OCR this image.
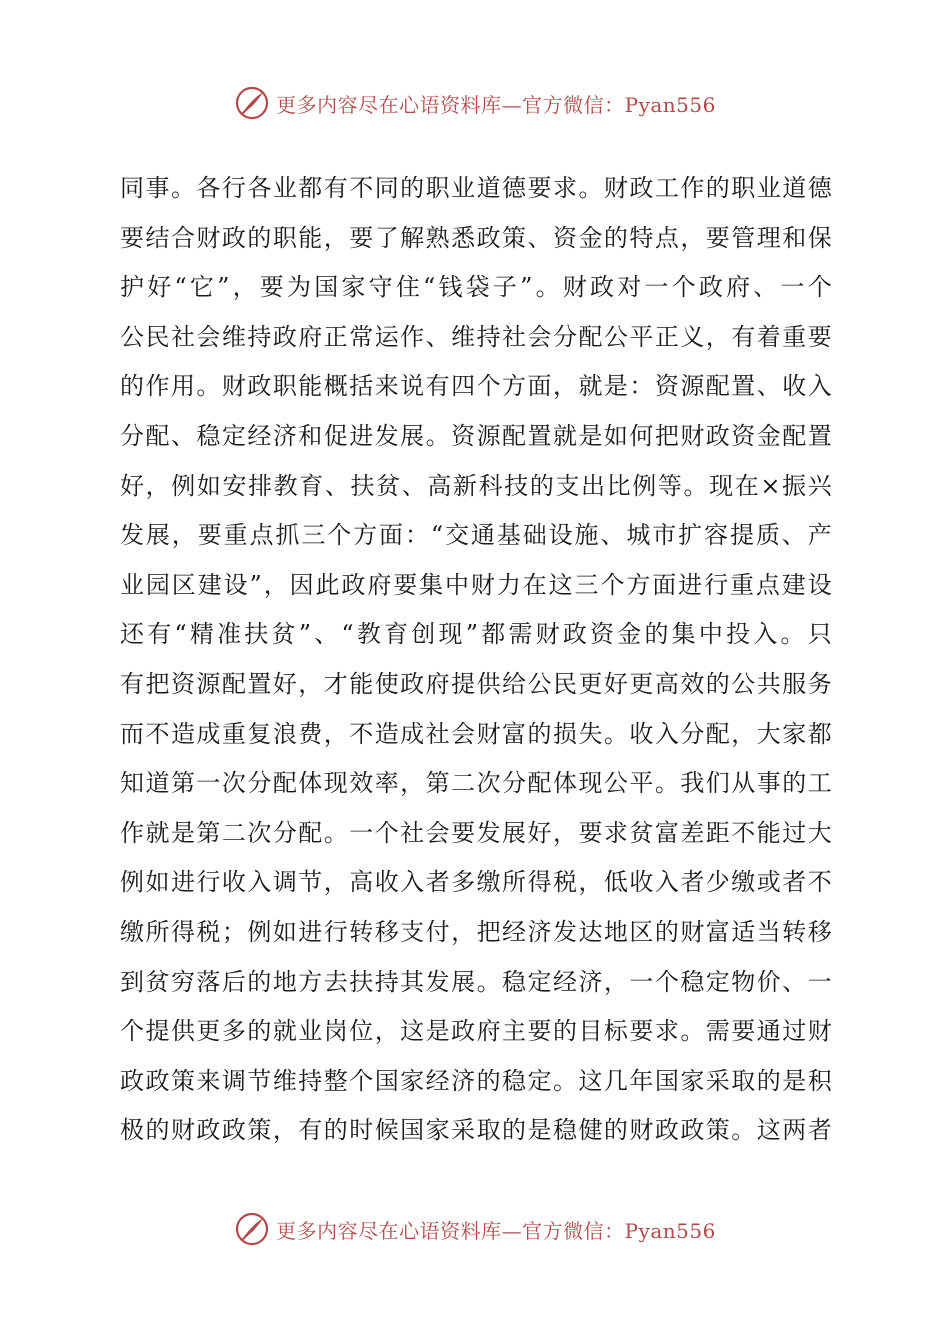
更多内容尽在心语资料库—官方微信：Pyan556
同事。各行各业都有不同的职业道德要求。财政工作的职业道德
要结合财政的职能，要了解熟悉政策、资金的特点，要管理和保
护好“它”，要为国家守住“钱袋子”。财政对一个政府、一个
公民社会维持政府正常运作、维持社会分配公平正义，有着重要
的作用。财政职能概括来说有四个方面，就是：资源配置、收入
分配、稳定经济和促进发展。资源配置就是如何把财政资金配置
好，例如安排教育、扶贫、高新科技的支出比例等。现在×振兴
发展，要重点抓三个方面：“交通基础设施、城市扩容提质、产
业园区建设”，因此政府要集中财力在这三个方面进行重点建设
还有“精准扶贫”、“教育创现”都需财政资金的集中投入。只
有把资源配置好，才能使政府提供给公民更好更高效的公共服务
而不造成重复浪费，不造成社会财富的损失。收入分配，大家都
知道第一次分配体现效率，第二次分配体现公平。我们从事的工
作就是第二次分配。一个社会要发展好，要求贫富差距不能过大
例如进行收入调节，高收入者多缴所得税，低收入者少缴或者不
缴所得税；例如进行转移支付，把经济发达地区的财富适当转移
到贫穷落后的地方去扶持其发展。稳定经济，一个稳定物价、一
个提供更多的就业岗位，这是政府主要的目标要求。需要通过财
政政策来调节维持整个国家经济的稳定。这几年国家采取的是积
极的财政政策，有的时候国家采取的是稳健的财政政策。这两者
更多内容尽在心语资料库—官方微信：Pyan556
